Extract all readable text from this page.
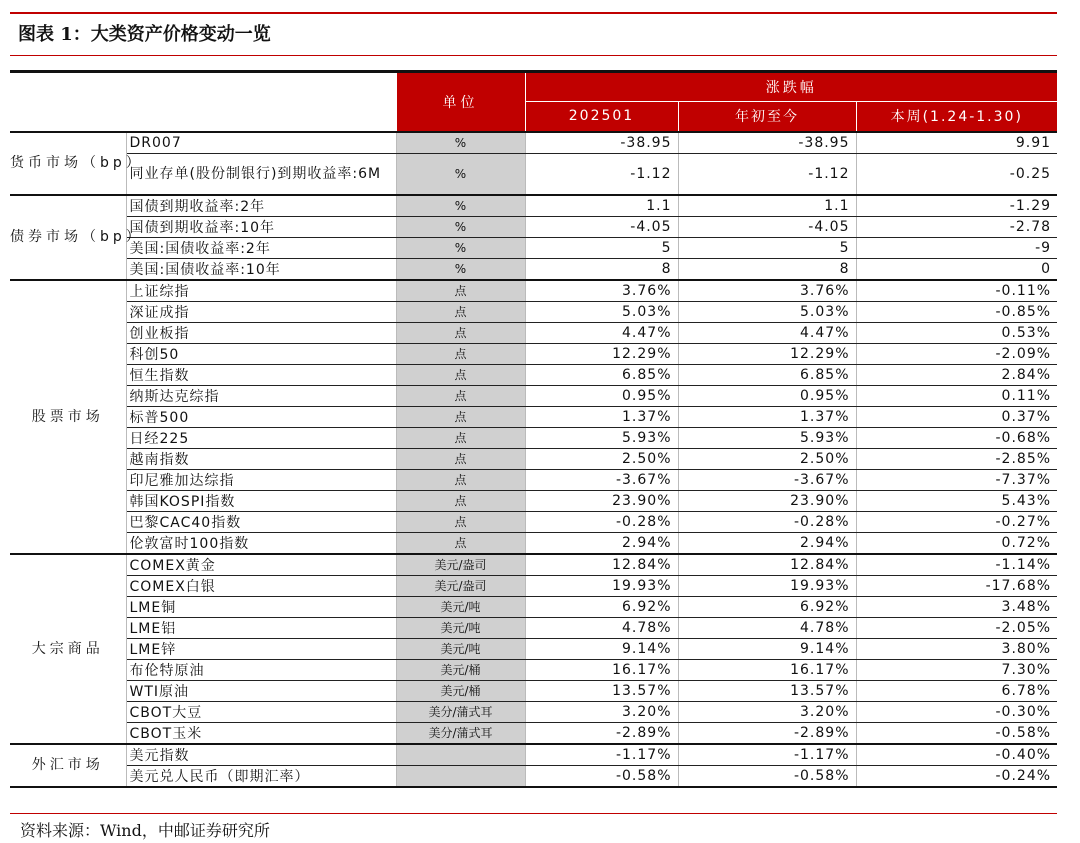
图表 1：大类资产价格变动一览
		单位	涨跌幅		
			202501	年初至今	本周(1.24-1.30)
货币市场（bp）	DR007	%	-38.95	-38.95	9.91
	同业存单(股份制银行)到期收益率:6M	%	-1.12	-1.12	-0.25
债券市场（bp）	国债到期收益率:2年	%	1.1	1.1	-1.29
	国债到期收益率:10年	%	-4.05	-4.05	-2.78
	美国:国债收益率:2年	%	5	5	-9
	美国:国债收益率:10年	%	8	8	0
股票市场	上证综指	点	3.76%	3.76%	-0.11%
	深证成指	点	5.03%	5.03%	-0.85%
	创业板指	点	4.47%	4.47%	0.53%
	科创50	点	12.29%	12.29%	-2.09%
	恒生指数	点	6.85%	6.85%	2.84%
	纳斯达克综指	点	0.95%	0.95%	0.11%
	标普500	点	1.37%	1.37%	0.37%
	日经225	点	5.93%	5.93%	-0.68%
	越南指数	点	2.50%	2.50%	-2.85%
	印尼雅加达综指	点	-3.67%	-3.67%	-7.37%
	韩国KOSPI指数	点	23.90%	23.90%	5.43%
	巴黎CAC40指数	点	-0.28%	-0.28%	-0.27%
	伦敦富时100指数	点	2.94%	2.94%	0.72%
大宗商品	COMEX黄金	美元/盎司	12.84%	12.84%	-1.14%
	COMEX白银	美元/盎司	19.93%	19.93%	-17.68%
	LME铜	美元/吨	6.92%	6.92%	3.48%
	LME铝	美元/吨	4.78%	4.78%	-2.05%
	LME锌	美元/吨	9.14%	9.14%	3.80%
	布伦特原油	美元/桶	16.17%	16.17%	7.30%
	WTI原油	美元/桶	13.57%	13.57%	6.78%
	CBOT大豆	美分/蒲式耳	3.20%	3.20%	-0.30%
	CBOT玉米	美分/蒲式耳	-2.89%	-2.89%	-0.58%
外汇市场	美元指数		-1.17%	-1.17%	-0.40%
	美元兑人民币（即期汇率）		-0.58%	-0.58%	-0.24%
资料来源：Wind，中邮证券研究所
